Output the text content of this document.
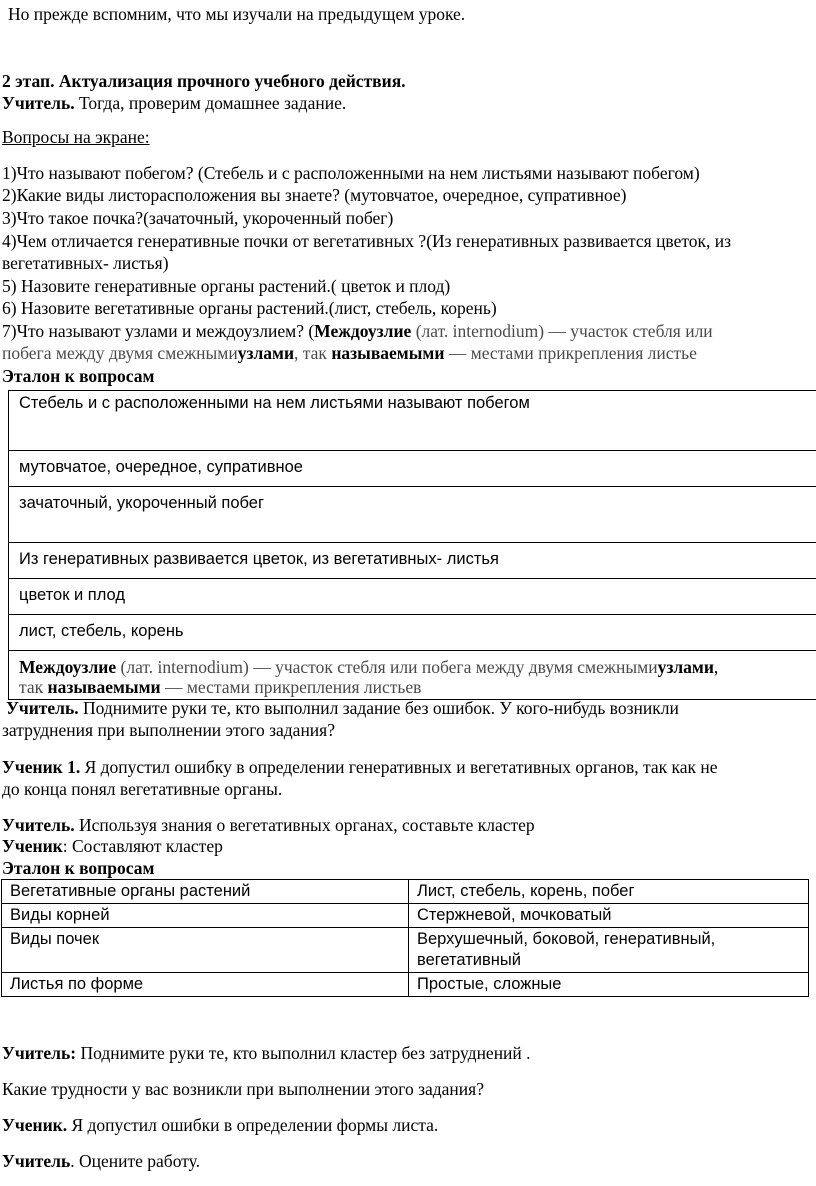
Но прежде вспомним, что мы изучали на предыдущем уроке.
2 этап. Актуализация прочного учебного действия.
Учитель. Тогда, проверим домашнее задание.
Вопросы на экране:
1)Что называют побегом? (Стебель и с расположенными на нем листьями называют побегом)
2)Какие виды листорасположения вы знаете? (мутовчатое, очередное, супративное)
3)Что такое почка?(зачаточный, укороченный побег)
4)Чем отличается генеративные почки от вегетативных ?(Из генеративных развивается цветок, из
вегетативных- листья)
5) Назовите генеративные органы растений.( цветок и плод)
6) Назовите вегетативные органы растений.(лист, стебель, корень)
7)Что называют узлами и междоузлием? (Междоузлие (лат. internodium) — участок стебля или
побега между двумя смежнымиузлами, так называемыми — местами прикрепления листье
Эталон к вопросам
Стебель и с расположенными на нем листьями называют побегом
мутовчатое, очередное, супративное
зачаточный, укороченный побег
Из генеративных развивается цветок, из вегетативных- листья
цветок и плод
лист, стебель, корень
Междоузлие (лат. internodium) — участок стебля или побега между двумя смежнымиузлами,
так называемыми — местами прикрепления листьев
Учитель. Поднимите руки те, кто выполнил задание без ошибок. У кого-нибудь возникли
затруднения при выполнении этого задания?
Ученик 1. Я допустил ошибку в определении генеративных и вегетативных органов, так как не
до конца понял вегетативные органы.
Учитель. Используя знания о вегетативных органах, составьте кластер
Ученик: Составляют кластер
Эталон к вопросам
Вегетативные органы растений	Лист, стебель, корень, побег
Виды корней	Стержневой, мочковатый
Виды почек	Верхушечный, боковой, генеративный,
вегетативный
Листья по форме	Простые, сложные
Учитель: Поднимите руки те, кто выполнил кластер без затруднений .
Какие трудности у вас возникли при выполнении этого задания?
Ученик. Я допустил ошибки в определении формы листа.
Учитель. Оцените работу.
